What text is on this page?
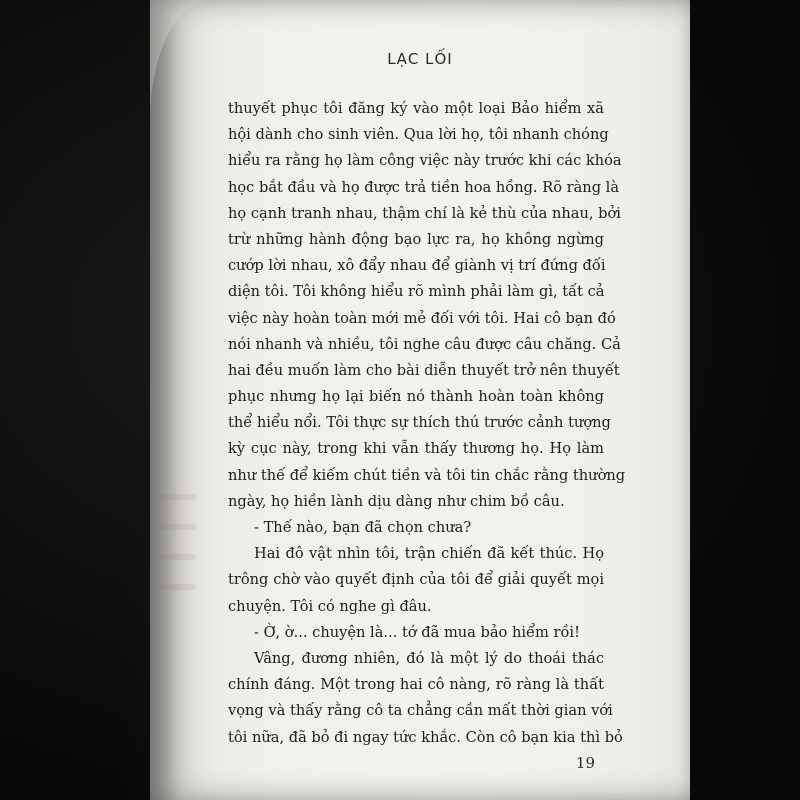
LẠC LỐI
thuyết phục tôi đăng ký vào một loại Bảo hiểm xã
hội dành cho sinh viên. Qua lời họ, tôi nhanh chóng
hiểu ra rằng họ làm công việc này trước khi các khóa
học bắt đầu và họ được trả tiền hoa hồng. Rõ ràng là
họ cạnh tranh nhau, thậm chí là kẻ thù của nhau, bởi
trừ những hành động bạo lực ra, họ không ngừng
cướp lời nhau, xô đẩy nhau để giành vị trí đứng đối
diện tôi. Tôi không hiểu rõ mình phải làm gì, tất cả
việc này hoàn toàn mới mẻ đối với tôi. Hai cô bạn đó
nói nhanh và nhiều, tôi nghe câu được câu chăng. Cả
hai đều muốn làm cho bài diễn thuyết trở nên thuyết
phục nhưng họ lại biến nó thành hoàn toàn không
thể hiểu nổi. Tôi thực sự thích thú trước cảnh tượng
kỳ cục này, trong khi vẫn thấy thương họ. Họ làm
như thế để kiếm chút tiền và tôi tin chắc rằng thường
ngày, họ hiền lành dịu dàng như chim bồ câu.
- Thế nào, bạn đã chọn chưa?
Hai đô vật nhìn tôi, trận chiến đã kết thúc. Họ
trông chờ vào quyết định của tôi để giải quyết mọi
chuyện. Tôi có nghe gì đâu.
- Ờ, ờ... chuyện là... tớ đã mua bảo hiểm rồi!
Vâng, đương nhiên, đó là một lý do thoái thác
chính đáng. Một trong hai cô nàng, rõ ràng là thất
vọng và thấy rằng cô ta chẳng cần mất thời gian với
tôi nữa, đã bỏ đi ngay tức khắc. Còn cô bạn kia thì bỏ
19
